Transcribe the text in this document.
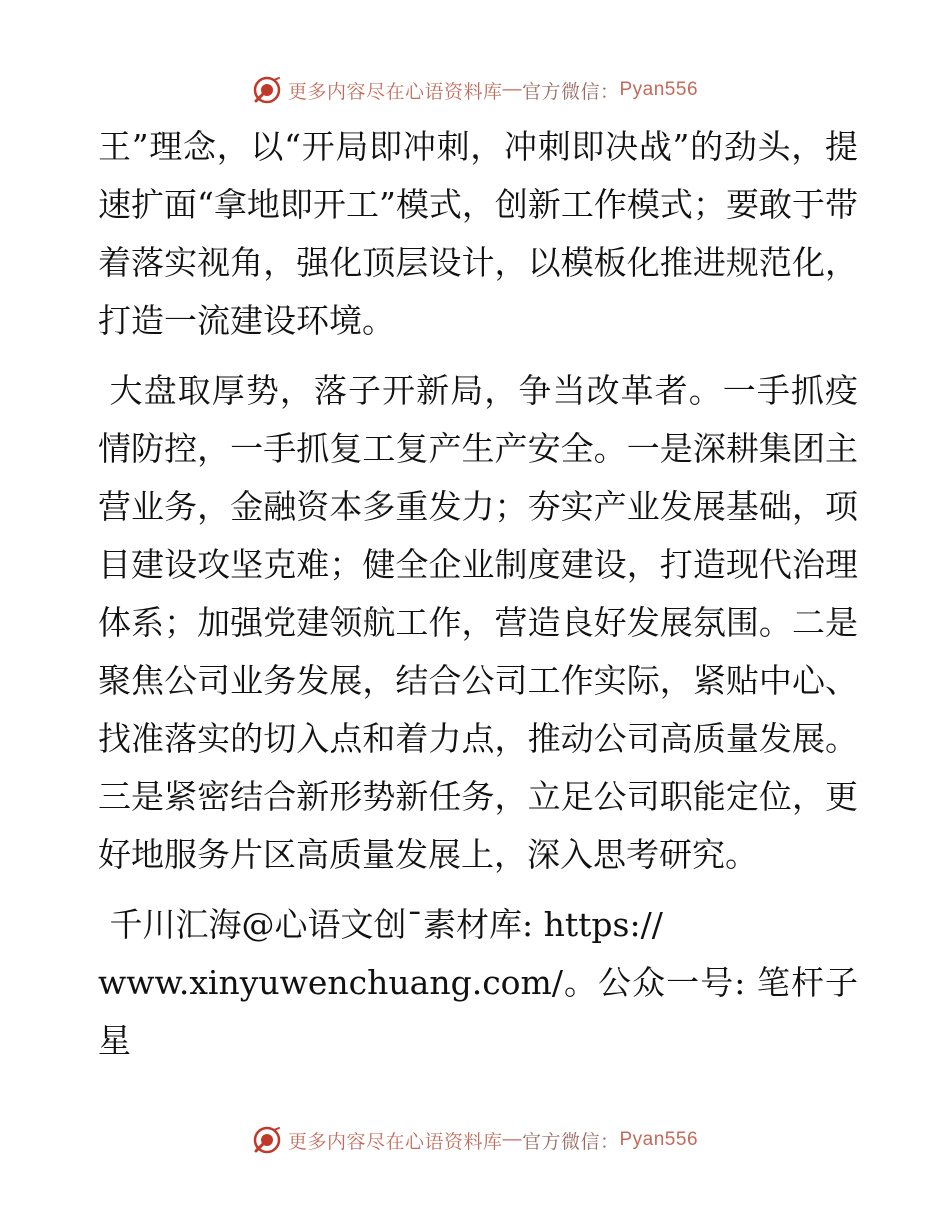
更多内容尽在心语资料库 — 官方微信： Pyan556

王”理念，以“开局即冲刺，冲刺即决战”的劲头，提速扩面“拿地即开工”模式，创新工作模式；要敢于带着落实视角，强化顶层设计，以模板化推进规范化，打造一流建设环境。

大盘取厚势，落子开新局，争当改革者。一手抓疫情防控，一手抓复工复产生产安全。一是深耕集团主营业务，金融资本多重发力；夯实产业发展基础，项目建设攻坚克难；健全企业制度建设，打造现代治理体系；加强党建领航工作，营造良好发展氛围。二是聚焦公司业务发展，结合公司工作实际，紧贴中心、找准落实的切入点和着力点，推动公司高质量发展。三是紧密结合新形势新任务，立足公司职能定位，更好地服务片区高质量发展上，深入思考研究。

千川汇海@心语文创¯素材库: https://
www.xinyuwenchuang.com/。公众一号: 笔杆子星

更多内容尽在心语资料库 — 官方微信： Pyan556
